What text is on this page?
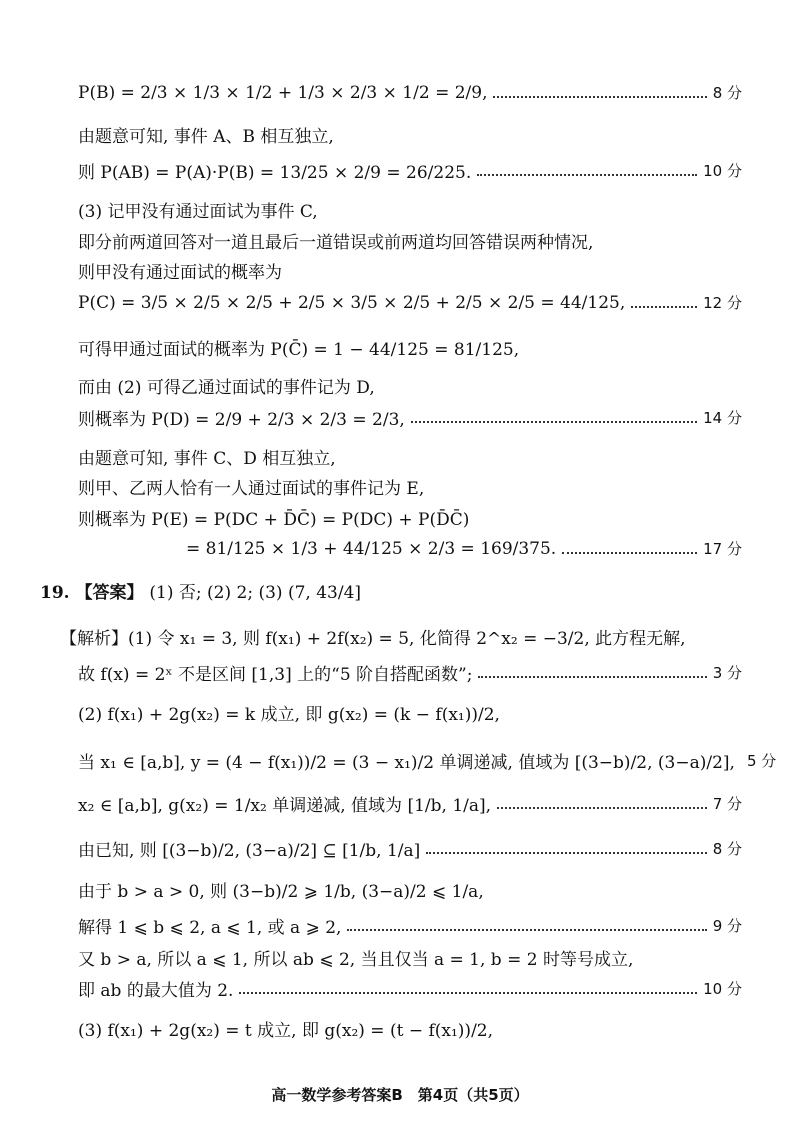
P(B) = 2/3 × 1/3 × 1/2 + 1/3 × 2/3 × 1/2 = 2/9,	8 分
由题意可知, 事件 A、B 相互独立,
则 P(AB) = P(A)·P(B) = 13/25 × 2/9 = 26/225.	10 分
(3) 记甲没有通过面试为事件 C,
即分前两道回答对一道且最后一道错误或前两道均回答错误两种情况,
则甲没有通过面试的概率为
P(C) = 3/5 × 2/5 × 2/5 + 2/5 × 3/5 × 2/5 + 2/5 × 2/5 = 44/125,	12 分
可得甲通过面试的概率为 P(C̄) = 1 − 44/125 = 81/125,
而由 (2) 可得乙通过面试的事件记为 D,
则概率为 P(D) = 2/9 + 2/3 × 2/3 = 2/3,	14 分
由题意可知, 事件 C、D 相互独立,
则甲、乙两人恰有一人通过面试的事件记为 E,
则概率为 P(E) = P(DC + D̄C̄) = P(DC) + P(D̄C̄)
= 81/125 × 1/3 + 44/125 × 2/3 = 169/375.	17 分
19. 【答案】 (1) 否; (2) 2; (3) (7, 43/4]
【解析】(1) 令 x₁ = 3, 则 f(x₁) + 2f(x₂) = 5, 化简得 2^x₂ = −3/2, 此方程无解,
故 f(x) = 2ˣ 不是区间 [1,3] 上的“5 阶自搭配函数”;	3 分
(2) f(x₁) + 2g(x₂) = k 成立, 即 g(x₂) = (k − f(x₁))/2,
当 x₁ ∈ [a,b], y = (4 − f(x₁))/2 = (3 − x₁)/2 单调递减, 值域为 [(3−b)/2, (3−a)/2], 5 分
x₂ ∈ [a,b], g(x₂) = 1/x₂ 单调递减, 值域为 [1/b, 1/a],	7 分
由已知, 则 [(3−b)/2, (3−a)/2] ⊆ [1/b, 1/a]	8 分
由于 b > a > 0, 则 (3−b)/2 ⩾ 1/b, (3−a)/2 ⩽ 1/a,
解得 1 ⩽ b ⩽ 2, a ⩽ 1, 或 a ⩾ 2,	9 分
又 b > a, 所以 a ⩽ 1, 所以 ab ⩽ 2, 当且仅当 a = 1, b = 2 时等号成立,
即 ab 的最大值为 2.	10 分
(3) f(x₁) + 2g(x₂) = t 成立, 即 g(x₂) = (t − f(x₁))/2,
高一数学参考答案B　第4页（共5页）
